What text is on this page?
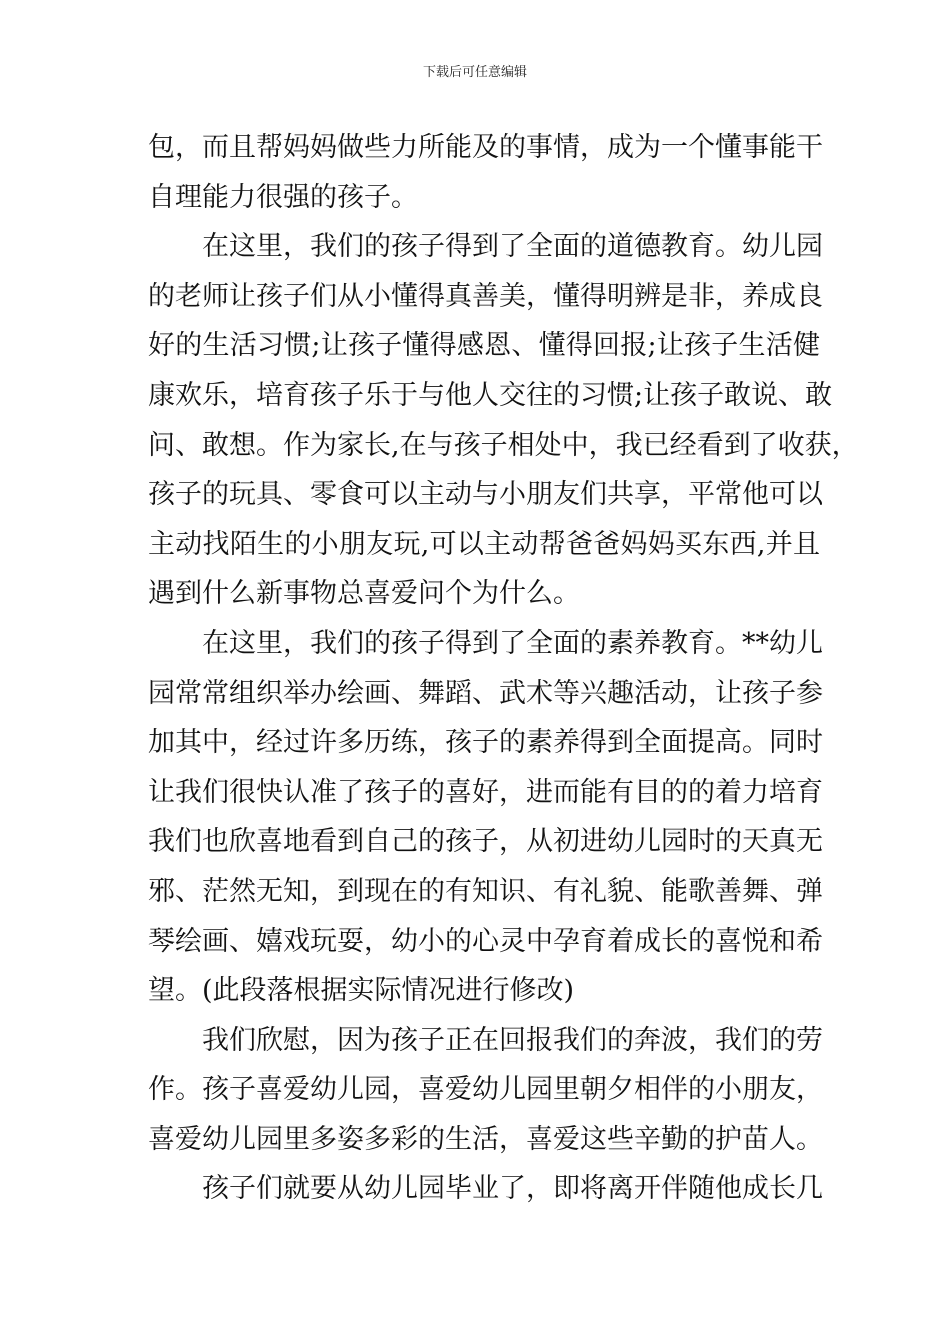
下载后可任意编辑
包，而且帮妈妈做些力所能及的事情，成为一个懂事能干
自理能力很强的孩子。
在这里，我们的孩子得到了全面的道德教育。幼儿园
的老师让孩子们从小懂得真善美，懂得明辨是非，养成良
好的生活习惯;让孩子懂得感恩、懂得回报;让孩子生活健
康欢乐，培育孩子乐于与他人交往的习惯;让孩子敢说、敢
问、敢想。作为家长,在与孩子相处中，我已经看到了收获，
孩子的玩具、零食可以主动与小朋友们共享，平常他可以
主动找陌生的小朋友玩,可以主动帮爸爸妈妈买东西,并且
遇到什么新事物总喜爱问个为什么。
在这里，我们的孩子得到了全面的素养教育。**幼儿
园常常组织举办绘画、舞蹈、武术等兴趣活动，让孩子参
加其中，经过许多历练，孩子的素养得到全面提高。同时
让我们很快认准了孩子的喜好，进而能有目的的着力培育
我们也欣喜地看到自己的孩子，从初进幼儿园时的天真无
邪、茫然无知，到现在的有知识、有礼貌、能歌善舞、弹
琴绘画、嬉戏玩耍，幼小的心灵中孕育着成长的喜悦和希
望。(此段落根据实际情况进行修改)
我们欣慰，因为孩子正在回报我们的奔波，我们的劳
作。孩子喜爱幼儿园，喜爱幼儿园里朝夕相伴的小朋友，
喜爱幼儿园里多姿多彩的生活，喜爱这些辛勤的护苗人。
孩子们就要从幼儿园毕业了，即将离开伴随他成长几
